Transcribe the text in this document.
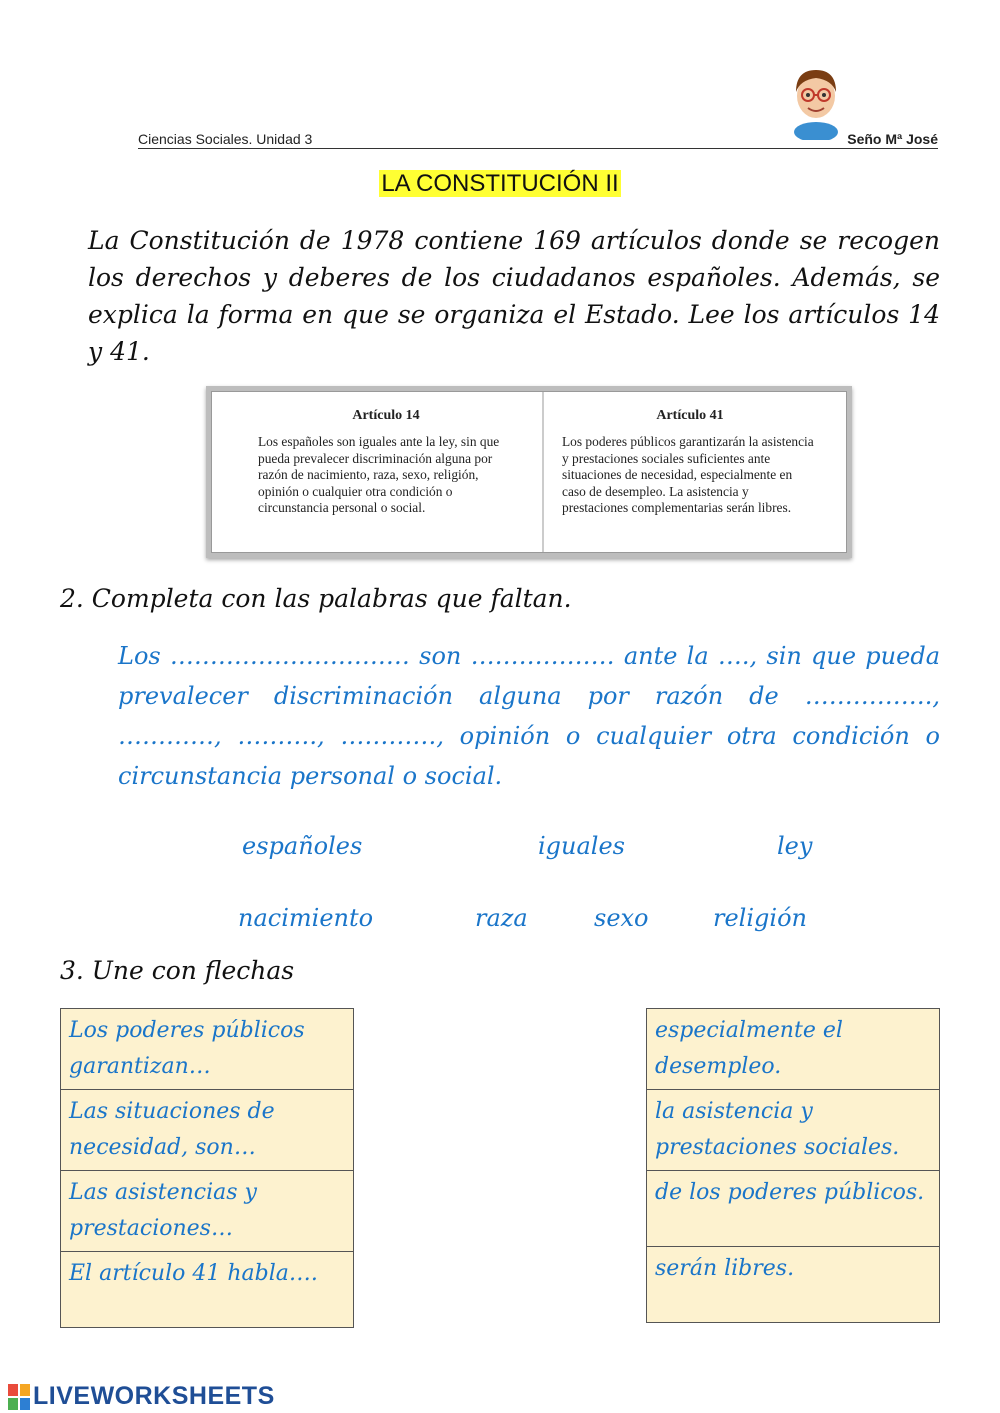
Ciencias Sociales. Unidad 3	Seño Mª José
LA CONSTITUCIÓN II

La Constitución de 1978 contiene 169 artículos donde se recogen los derechos y deberes de los ciudadanos españoles. Además, se explica la forma en que se organiza el Estado. Lee los artículos 14 y 41.

Artículo 14

Los españoles son iguales ante la ley, sin que pueda prevalecer discriminación alguna por razón de nacimiento, raza, sexo, religión, opinión o cualquier otra condición o circunstancia personal o social.

Artículo 41

Los poderes públicos garantizarán la asistencia y prestaciones sociales suficientes ante situaciones de necesidad, especialmente en caso de desempleo. La asistencia y prestaciones complementarias serán libres.

2. Completa con las palabras que faltan.

Los ………………………… son ……………… ante la …., sin que pueda prevalecer discriminación alguna por razón de ……………., …………, ………., …………, opinión o cualquier otra condición o circunstancia personal o social.

españoles	iguales	ley
nacimiento	raza	sexo	religión
3. Une con flechas
Los poderes públicos garantizan…
Las situaciones de necesidad, son…
Las asistencias y prestaciones…
El artículo 41 habla….
especialmente el desempleo.
la asistencia y prestaciones sociales.
de los poderes públicos.
serán libres.
LIVEWORKSHEETS
